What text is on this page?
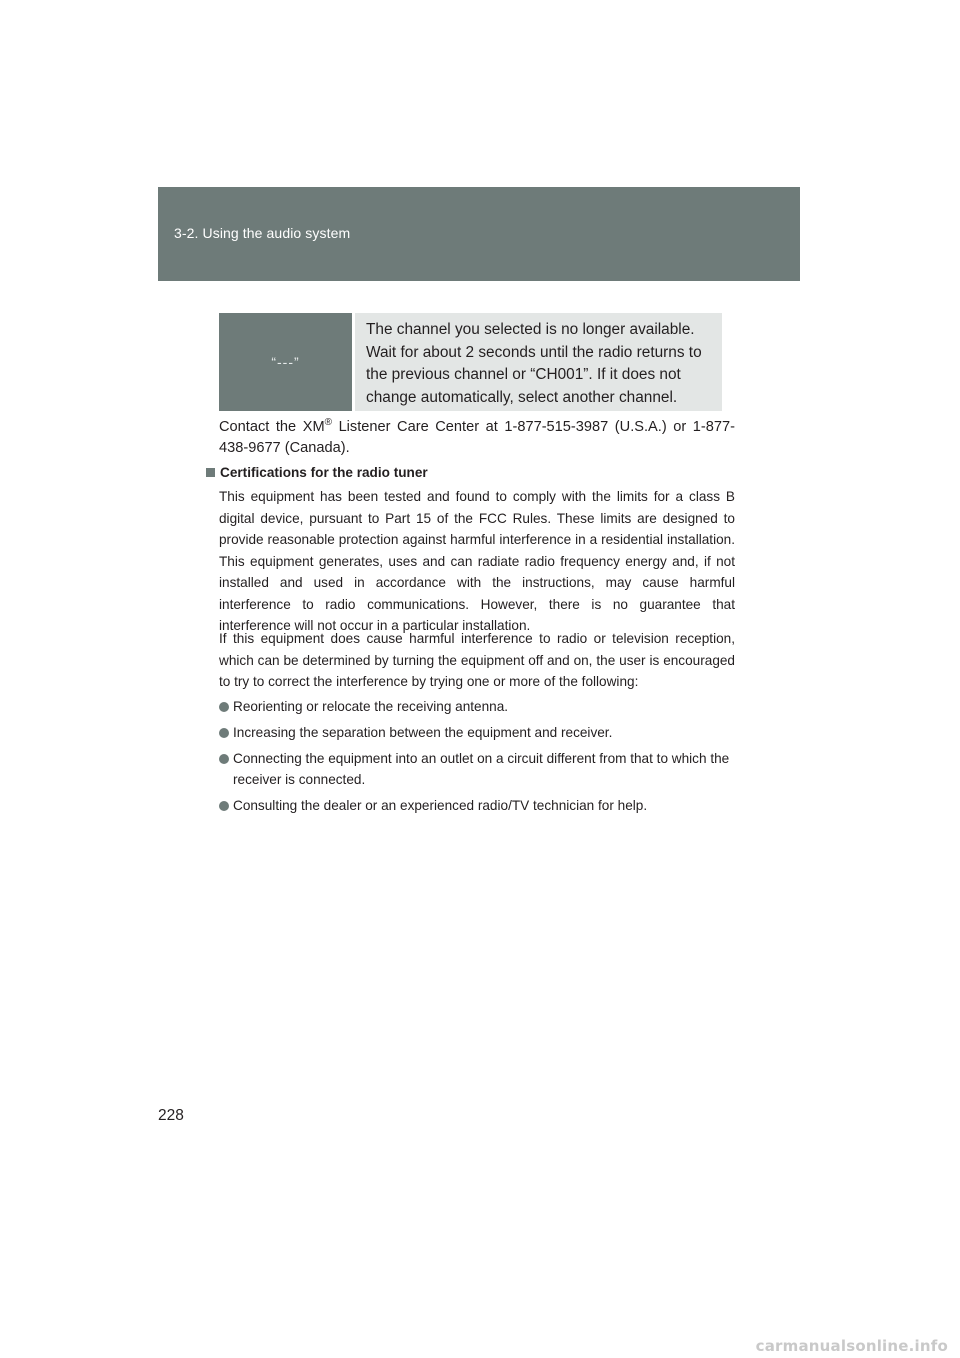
3-2. Using the audio system
“---”
The channel you selected is no longer available. Wait for about 2 seconds until the radio returns to the previous channel or “CH001”. If it does not change automatically, select another channel.
Contact the XM® Listener Care Center at 1-877-515-3987 (U.S.A.) or 1-877-438-9677 (Canada).
Certifications for the radio tuner
This equipment has been tested and found to comply with the limits for a class B digital device, pursuant to Part 15 of the FCC Rules. These limits are designed to provide reasonable protection against harmful interference in a residential installation. This equipment generates, uses and can radiate radio frequency energy and, if not installed and used in accordance with the instructions, may cause harmful interference to radio communications. However, there is no guarantee that interference will not occur in a particular installation.
If this equipment does cause harmful interference to radio or television reception, which can be determined by turning the equipment off and on, the user is encouraged to try to correct the interference by trying one or more of the following:
Reorienting or relocate the receiving antenna.
Increasing the separation between the equipment and receiver.
Connecting the equipment into an outlet on a circuit different from that to which the receiver is connected.
Consulting the dealer or an experienced radio/TV technician for help.
228
carmanualsonline.info
